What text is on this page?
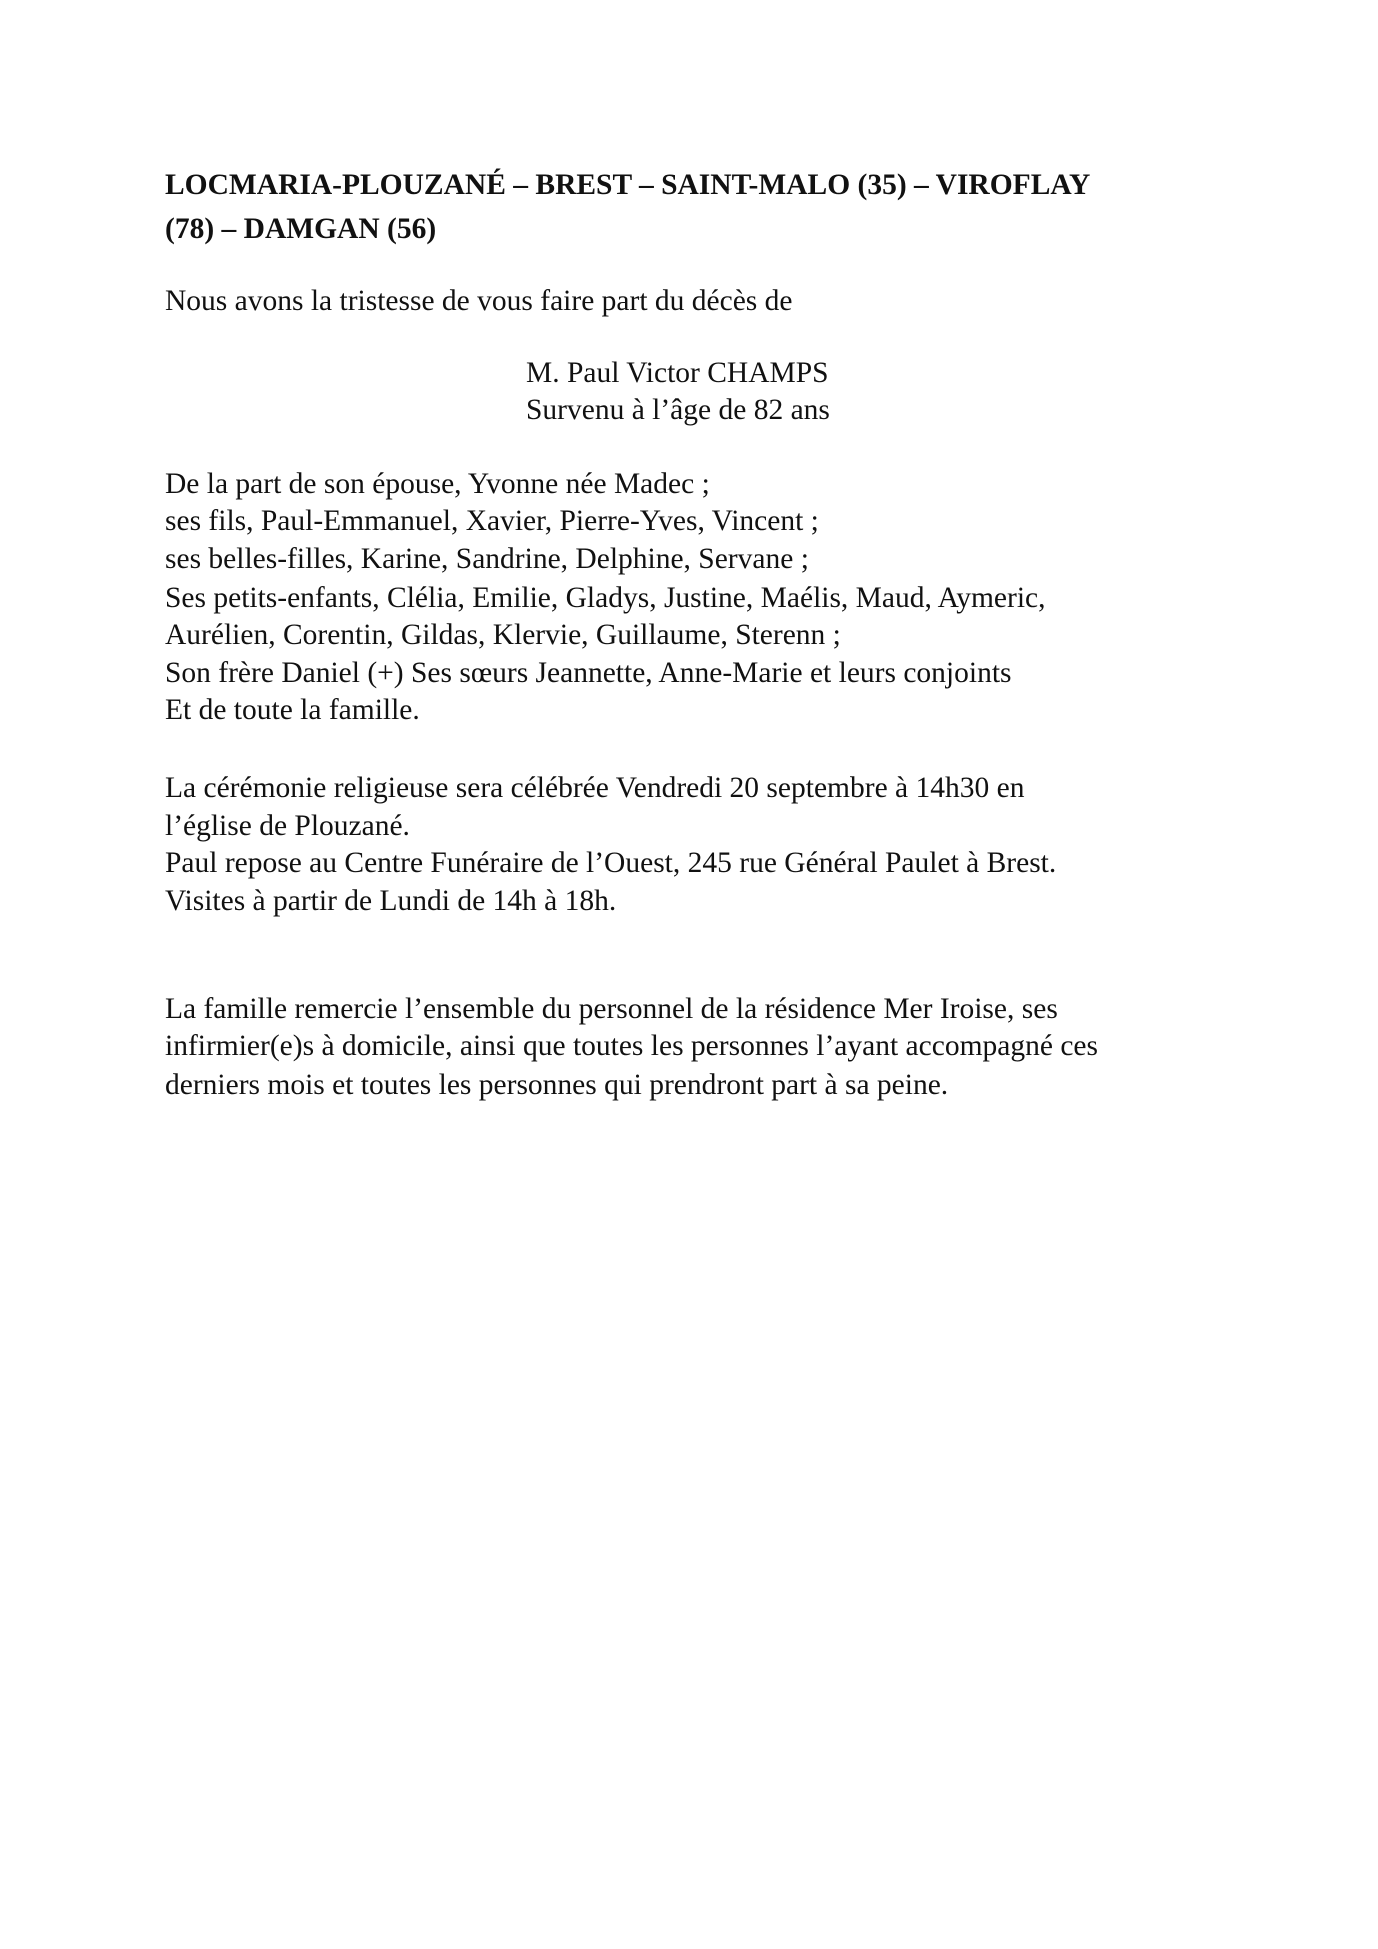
LOCMARIA-PLOUZANÉ – BREST – SAINT-MALO (35) – VIROFLAY
(78) – DAMGAN (56)
Nous avons la tristesse de vous faire part du décès de
M. Paul Victor CHAMPS
Survenu à l’âge de 82 ans
De la part de son épouse, Yvonne née Madec ;
ses fils, Paul-Emmanuel, Xavier, Pierre-Yves, Vincent ;
ses belles-filles, Karine, Sandrine, Delphine, Servane ;
Ses petits-enfants, Clélia, Emilie, Gladys, Justine, Maélis, Maud, Aymeric,
Aurélien, Corentin, Gildas, Klervie, Guillaume, Sterenn ;
Son frère Daniel (+) Ses sœurs Jeannette, Anne-Marie et leurs conjoints
Et de toute la famille.
La cérémonie religieuse sera célébrée Vendredi 20 septembre à 14h30 en
l’église de Plouzané.
Paul repose au Centre Funéraire de l’Ouest, 245 rue Général Paulet à Brest.
Visites à partir de Lundi de 14h à 18h.
La famille remercie l’ensemble du personnel de la résidence Mer Iroise, ses
infirmier(e)s à domicile, ainsi que toutes les personnes l’ayant accompagné ces
derniers mois et toutes les personnes qui prendront part à sa peine.
